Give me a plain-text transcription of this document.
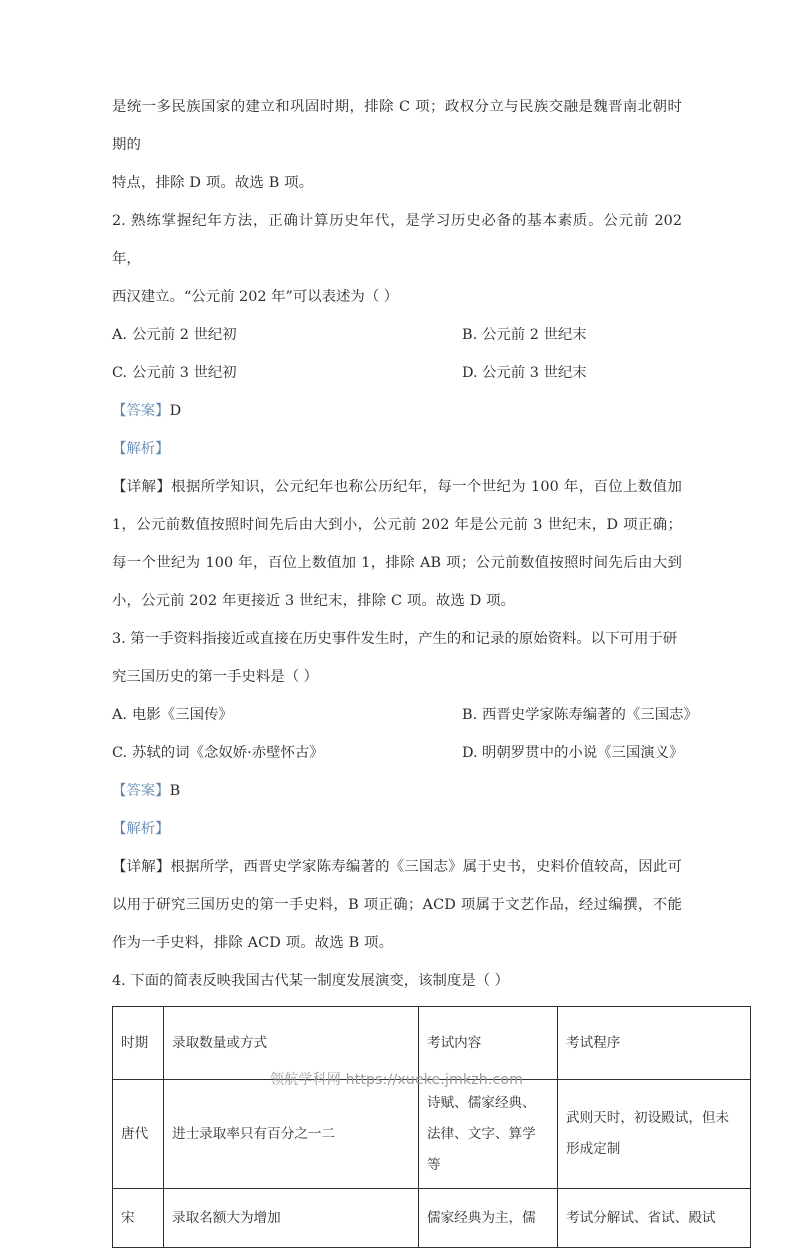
是统一多民族国家的建立和巩固时期，排除 C 项；政权分立与民族交融是魏晋南北朝时期的

特点，排除 D 项。故选 B 项。

2. 熟练掌握纪年方法，正确计算历史年代，是学习历史必备的基本素质。公元前 202 年，

西汉建立。“公元前 202 年”可以表述为（ ）

A. 公元前 2 世纪初	B. 公元前 2 世纪末
C. 公元前 3 世纪初	D. 公元前 3 世纪末

【答案】D

【解析】

【详解】根据所学知识，公元纪年也称公历纪年，每一个世纪为 100 年，百位上数值加 1，公元前数值按照时间先后由大到小，公元前 202 年是公元前 3 世纪末，D 项正确；每一个世纪为 100 年，百位上数值加 1，排除 AB 项；公元前数值按照时间先后由大到小，公元前 202 年更接近 3 世纪末，排除 C 项。故选 D 项。

3. 第一手资料指接近或直接在历史事件发生时，产生的和记录的原始资料。以下可用于研

究三国历史的第一手史料是（ ）

A. 电影《三国传》	B. 西晋史学家陈寿编著的《三国志》
C. 苏轼的词《念奴娇·赤壁怀古》	D. 明朝罗贯中的小说《三国演义》

【答案】B

【解析】

【详解】根据所学，西晋史学家陈寿编著的《三国志》属于史书，史料价值较高，因此可以用于研究三国历史的第一手史料，B 项正确；ACD 项属于文艺作品，经过编撰，不能作为一手史料，排除 ACD 项。故选 B 项。

4. 下面的简表反映我国古代某一制度发展演变，该制度是（ ）

时期	录取数量或方式	考试内容	考试程序
唐代	进士录取率只有百分之一二	诗赋、儒家经典、法律、文字、算学等	武则天时，初设殿试，但未形成定制
宋	录取名额大为增加	儒家经典为主，儒	考试分解试、省试、殿试
领航学科网 https://xueke.jmkzh.com
